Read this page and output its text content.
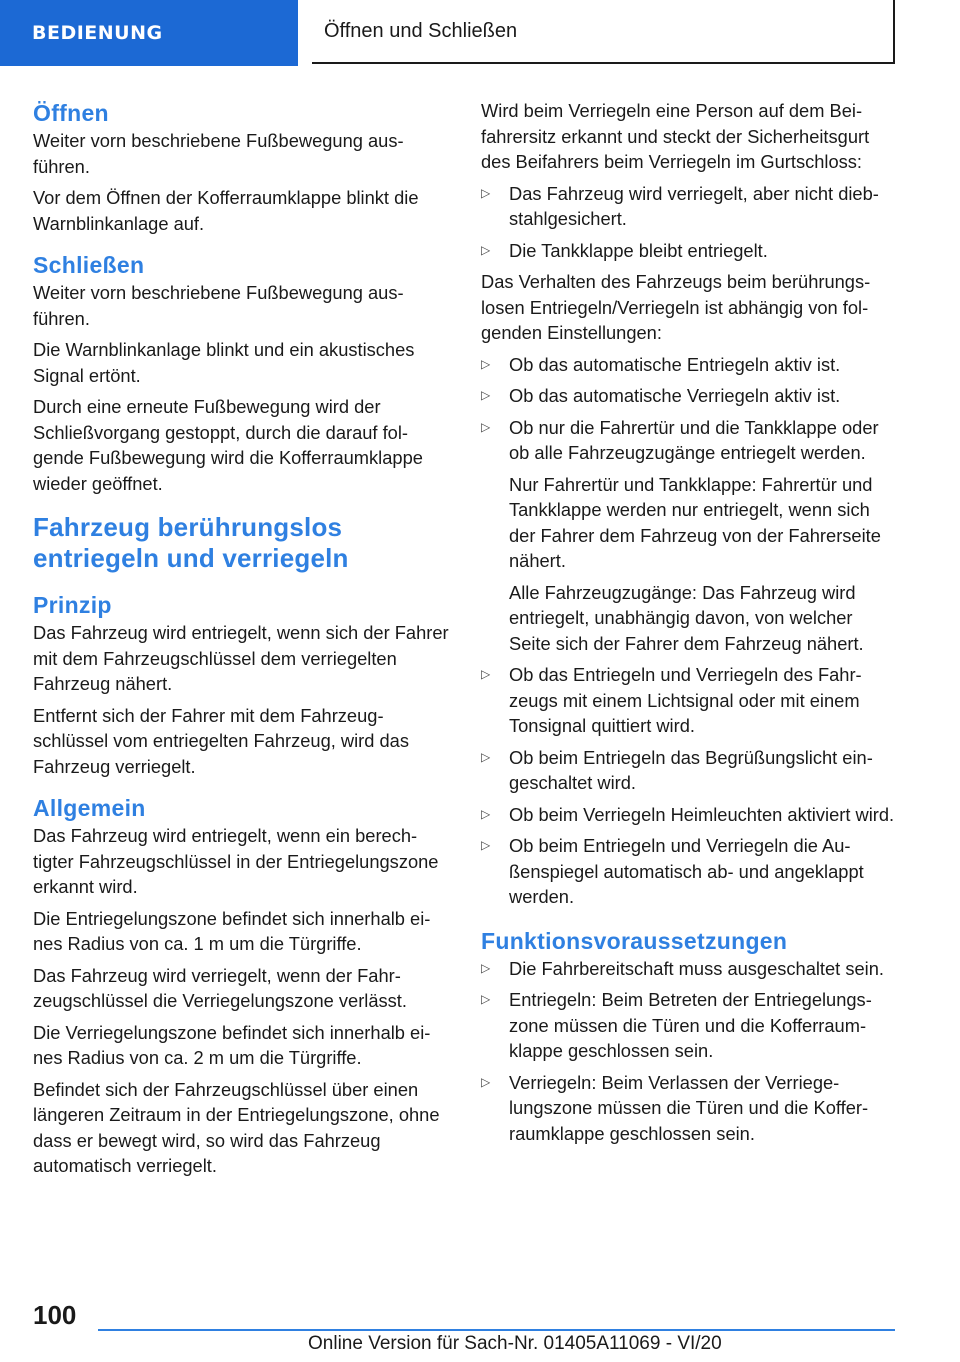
BEDIENUNG	Öffnen und Schließen
Öffnen

Weiter vorn beschriebene Fußbewegung ausführen.

Vor dem Öffnen der Kofferraumklappe blinkt die Warnblinkanlage auf.

Schließen

Weiter vorn beschriebene Fußbewegung ausführen.

Die Warnblinkanlage blinkt und ein akustisches Signal ertönt.

Durch eine erneute Fußbewegung wird der Schließvorgang gestoppt, durch die darauf folgende Fußbewegung wird die Kofferraumklappe wieder geöffnet.

Fahrzeug berührungslos entriegeln und verriegeln
Prinzip

Das Fahrzeug wird entriegelt, wenn sich der Fahrer mit dem Fahrzeugschlüssel dem verriegelten Fahrzeug nähert.

Entfernt sich der Fahrer mit dem Fahrzeugschlüssel vom entriegelten Fahrzeug, wird das Fahrzeug verriegelt.

Allgemein

Das Fahrzeug wird entriegelt, wenn ein berechtigter Fahrzeugschlüssel in der Entriegelungszone erkannt wird.

Die Entriegelungszone befindet sich innerhalb eines Radius von ca. 1 m um die Türgriffe.

Das Fahrzeug wird verriegelt, wenn der Fahrzeugschlüssel die Verriegelungszone verlässt.

Die Verriegelungszone befindet sich innerhalb eines Radius von ca. 2 m um die Türgriffe.

Befindet sich der Fahrzeugschlüssel über einen längeren Zeitraum in der Entriegelungszone, ohne dass er bewegt wird, so wird das Fahrzeug automatisch verriegelt.

Wird beim Verriegeln eine Person auf dem Beifahrersitz erkannt und steckt der Sicherheitsgurt des Beifahrers beim Verriegeln im Gurtschloss:

▷ Das Fahrzeug wird verriegelt, aber nicht diebstahlgesichert.
▷ Die Tankklappe bleibt entriegelt.

Das Verhalten des Fahrzeugs beim berührungslosen Entriegeln/Verriegeln ist abhängig von folgenden Einstellungen:

▷ Ob das automatische Entriegeln aktiv ist.
▷ Ob das automatische Verriegeln aktiv ist.
▷ Ob nur die Fahrertür und die Tankklappe oder ob alle Fahrzeugzugänge entriegelt werden.
Nur Fahrertür und Tankklappe: Fahrertür und Tankklappe werden nur entriegelt, wenn sich der Fahrer dem Fahrzeug von der Fahrerseite nähert.
Alle Fahrzeugzugänge: Das Fahrzeug wird entriegelt, unabhängig davon, von welcher Seite sich der Fahrer dem Fahrzeug nähert.
▷ Ob das Entriegeln und Verriegeln des Fahrzeugs mit einem Lichtsignal oder mit einem Tonsignal quittiert wird.
▷ Ob beim Entriegeln das Begrüßungslicht eingeschaltet wird.
▷ Ob beim Verriegeln Heimleuchten aktiviert wird.
▷ Ob beim Entriegeln und Verriegeln die Außenspiegel automatisch ab- und angeklappt werden.
Funktionsvoraussetzungen
▷ Die Fahrbereitschaft muss ausgeschaltet sein.
▷ Entriegeln: Beim Betreten der Entriegelungszone müssen die Türen und die Kofferraumklappe geschlossen sein.
▷ Verriegeln: Beim Verlassen der Verriegelungszone müssen die Türen und die Kofferraumklappe geschlossen sein.
100
Online Version für Sach-Nr. 01405A11069 - VI/20
